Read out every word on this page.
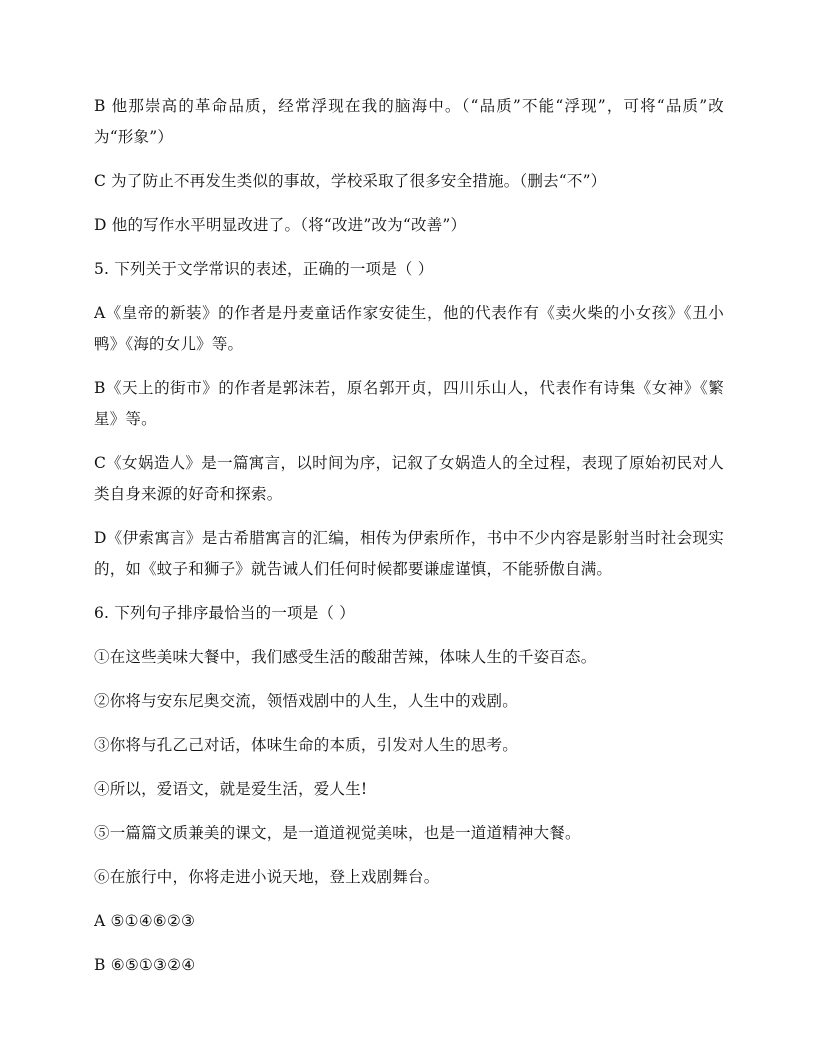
B 他那崇高的革命品质，经常浮现在我的脑海中。（“品质”不能“浮现”，可将“品质”改为“形象”）

C 为了防止不再发生类似的事故，学校采取了很多安全措施。（删去“不”）

D 他的写作水平明显改进了。（将“改进”改为“改善”）

5. 下列关于文学常识的表述，正确的一项是（ ）

A《皇帝的新装》的作者是丹麦童话作家安徒生，他的代表作有《卖火柴的小女孩》《丑小鸭》《海的女儿》等。

B《天上的街市》的作者是郭沫若，原名郭开贞，四川乐山人，代表作有诗集《女神》《繁星》等。

C《女娲造人》是一篇寓言，以时间为序，记叙了女娲造人的全过程，表现了原始初民对人类自身来源的好奇和探索。

D《伊索寓言》是古希腊寓言的汇编，相传为伊索所作，书中不少内容是影射当时社会现实的，如《蚊子和狮子》就告诫人们任何时候都要谦虚谨慎，不能骄傲自满。

6. 下列句子排序最恰当的一项是（ ）

①在这些美味大餐中，我们感受生活的酸甜苦辣，体味人生的千姿百态。

②你将与安东尼奥交流，领悟戏剧中的人生，人生中的戏剧。

③你将与孔乙己对话，体味生命的本质，引发对人生的思考。

④所以，爱语文，就是爱生活，爱人生!

⑤一篇篇文质兼美的课文，是一道道视觉美味，也是一道道精神大餐。

⑥在旅行中，你将走进小说天地，登上戏剧舞台。

A ⑤①④⑥②③

B ⑥⑤①③②④
